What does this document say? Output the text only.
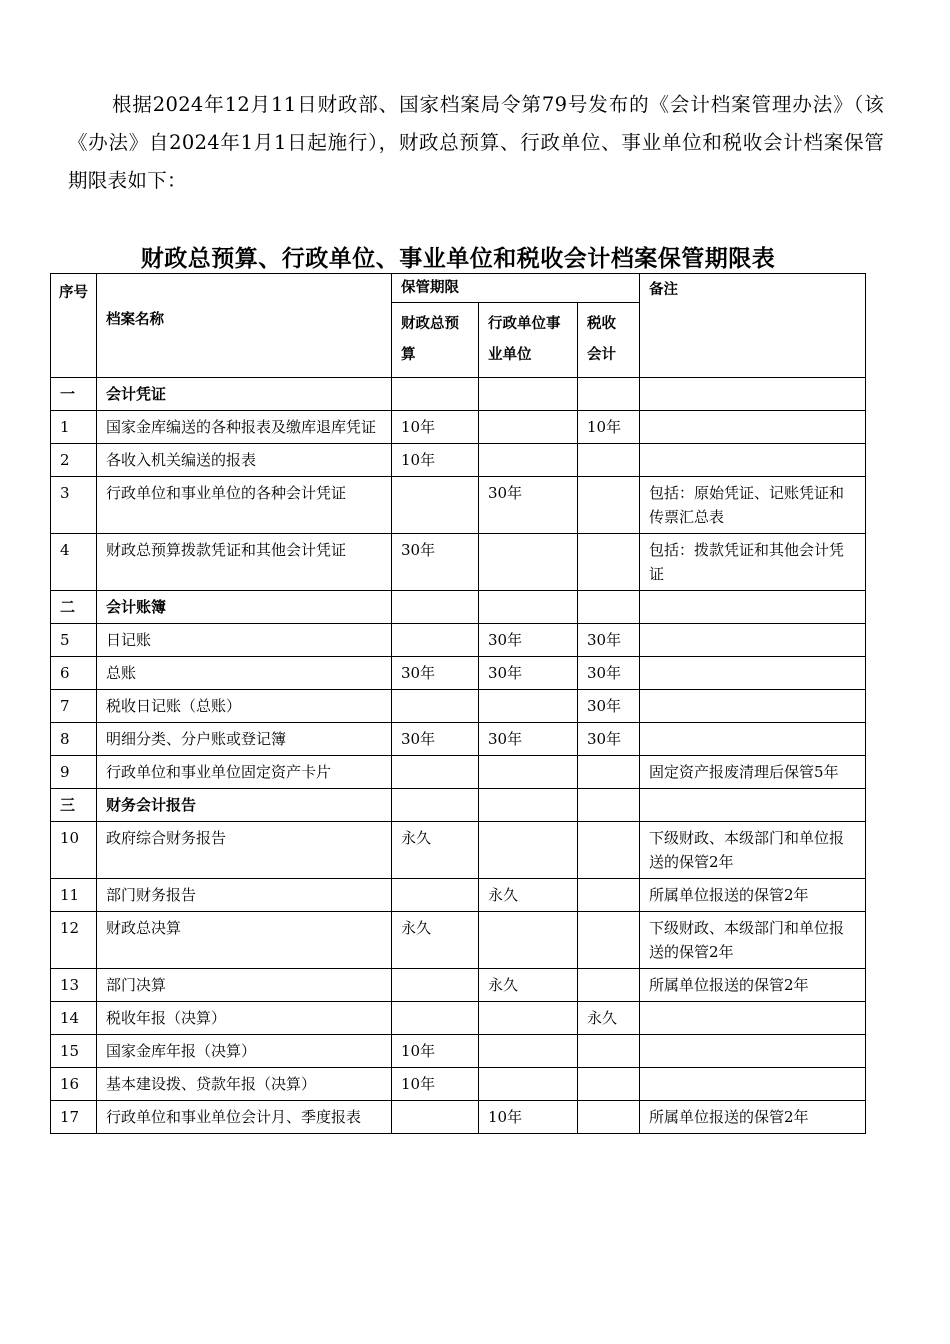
根据2024年12月11日财政部、国家档案局令第79号发布的《会计档案管理办法》（该《办法》自2024年1月1日起施行），财政总预算、行政单位、事业单位和税收会计档案保管期限表如下：

财政总预算、行政单位、事业单位和税收会计档案保管期限表
序号	档案名称	保管期限			备注

		财政总预算	行政单位事业单位	税收会计	

一	会计凭证				
1	国家金库编送的各种报表及缴库退库凭证	10年		10年	
2	各收入机关编送的报表	10年			
3	行政单位和事业单位的各种会计凭证		30年		包括：原始凭证、记账凭证和传票汇总表
4	财政总预算拨款凭证和其他会计凭证	30年			包括：拨款凭证和其他会计凭证
二	会计账簿				
5	日记账		30年	30年	
6	总账	30年	30年	30年	
7	税收日记账（总账）			30年	
8	明细分类、分户账或登记簿	30年	30年	30年	
9	行政单位和事业单位固定资产卡片				固定资产报废清理后保管5年
三	财务会计报告				
10	政府综合财务报告	永久			下级财政、本级部门和单位报送的保管2年
11	部门财务报告		永久		所属单位报送的保管2年
12	财政总决算	永久			下级财政、本级部门和单位报送的保管2年
13	部门决算		永久		所属单位报送的保管2年
14	税收年报（决算）			永久	
15	国家金库年报（决算）	10年			
16	基本建设拨、贷款年报（决算）	10年			
17	行政单位和事业单位会计月、季度报表		10年		所属单位报送的保管2年
